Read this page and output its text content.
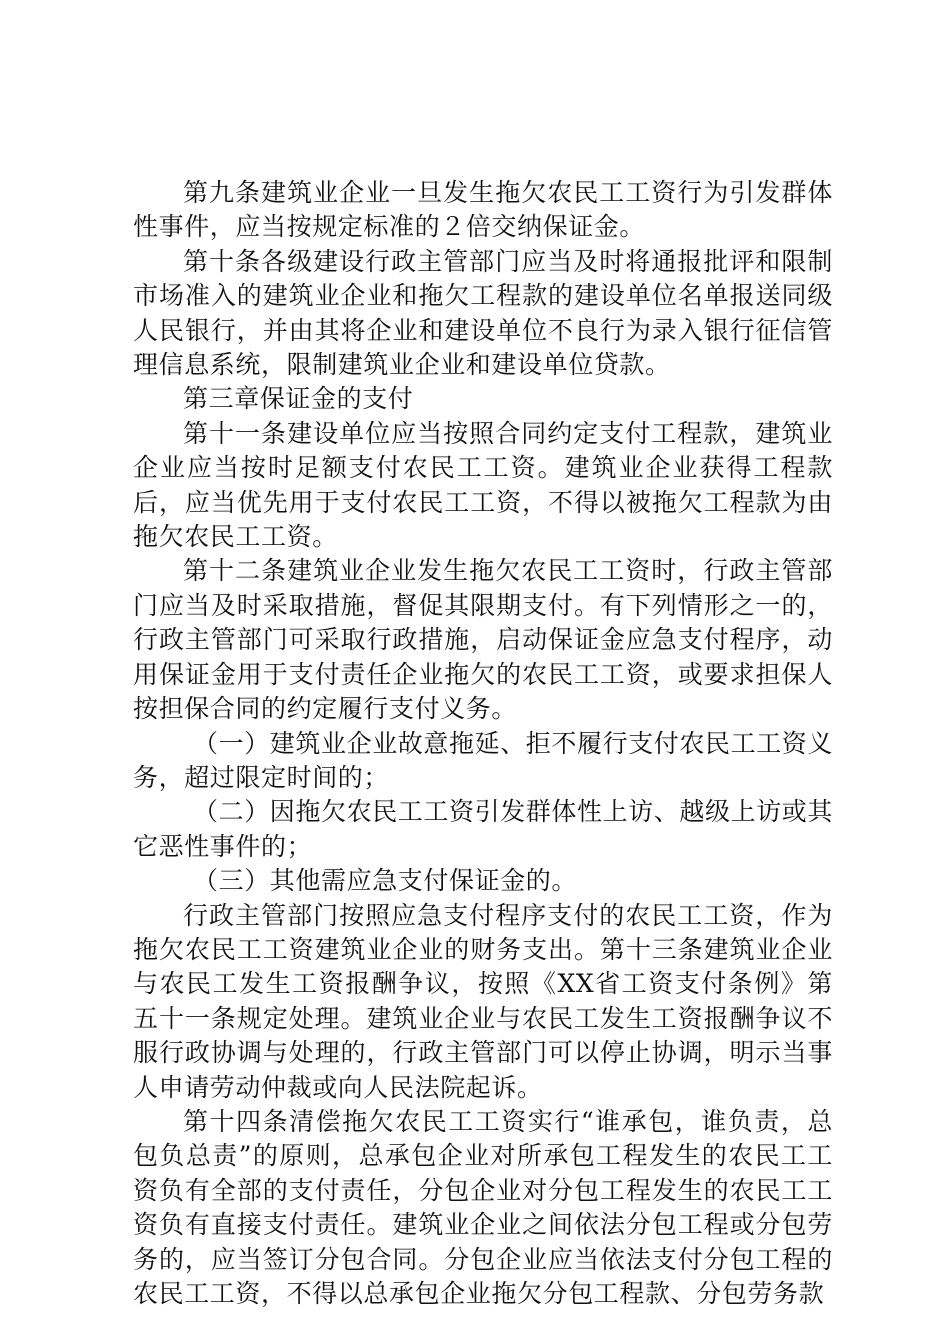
第九条建筑业企业一旦发生拖欠农民工工资行为引发群体性事件，应当按规定标准的２倍交纳保证金。

第十条各级建设行政主管部门应当及时将通报批评和限制市场准入的建筑业企业和拖欠工程款的建设单位名单报送同级人民银行，并由其将企业和建设单位不良行为录入银行征信管理信息系统，限制建筑业企业和建设单位贷款。

第三章保证金的支付

第十一条建设单位应当按照合同约定支付工程款，建筑业企业应当按时足额支付农民工工资。建筑业企业获得工程款后，应当优先用于支付农民工工资，不得以被拖欠工程款为由拖欠农民工工资。

第十二条建筑业企业发生拖欠农民工工资时，行政主管部门应当及时采取措施，督促其限期支付。有下列情形之一的，行政主管部门可采取行政措施，启动保证金应急支付程序，动用保证金用于支付责任企业拖欠的农民工工资，或要求担保人按担保合同的约定履行支付义务。

（一）建筑业企业故意拖延、拒不履行支付农民工工资义务，超过限定时间的；

（二）因拖欠农民工工资引发群体性上访、越级上访或其它恶性事件的；

（三）其他需应急支付保证金的。

行政主管部门按照应急支付程序支付的农民工工资，作为拖欠农民工工资建筑业企业的财务支出。第十三条建筑业企业与农民工发生工资报酬争议，按照《XX省工资支付条例》第五十一条规定处理。建筑业企业与农民工发生工资报酬争议不服行政协调与处理的，行政主管部门可以停止协调，明示当事人申请劳动仲裁或向人民法院起诉。

第十四条清偿拖欠农民工工资实行“谁承包，谁负责，总包负总责”的原则，总承包企业对所承包工程发生的农民工工资负有全部的支付责任，分包企业对分包工程发生的农民工工资负有直接支付责任。建筑业企业之间依法分包工程或分包劳务的，应当签订分包合同。分包企业应当依法支付分包工程的农民工工资，不得以总承包企业拖欠分包工程款、分包劳务款
